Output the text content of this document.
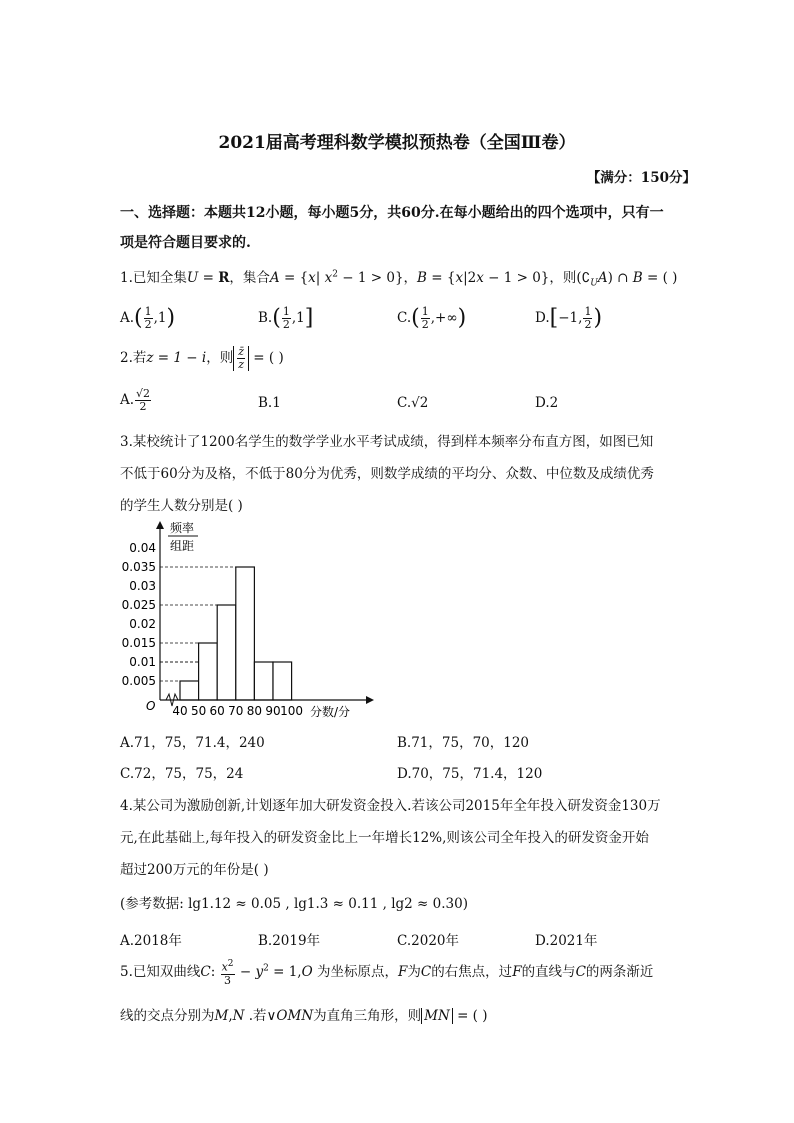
2021届高考理科数学模拟预热卷（全国Ⅲ卷）
【满分：150分】
一、选择题：本题共12小题，每小题5分，共60分.在每小题给出的四个选项中，只有一
项是符合题目要求的.
1.已知全集U = R，集合A = {x| $x^2 - 1 > 0$}，B = {x|2x − 1 > 0}，则$(∁_UA)$ ∩ B = ( )
$A.( \frac{1}{2} ,1)$	$B.( \frac{1}{2} ,1]$	$C.( \frac{1}{2}$ ,+∞)	D.[−1, $\frac{1}{2}$ )
2.若z = 1 − i，则 $\frac{z̄}{z}$ = ( )
A. $\frac{√2}{2}$	B.1	C.√2	D.2
3.某校统计了1200名学生的数学学业水平考试成绩，得到样本频率分布直方图，如图已知
不低于60分为及格，不低于80分为优秀，则数学成绩的平均分、众数、中位数及成绩优秀
的学生人数分别是( )
0.005
0.01
0.015
0.02
0.025
0.03
0.035
0.04
40 50 60 70 80 90 100
频率
组距
O	分数/分
A.71，75，71.4，240	B.71，75，70，120
C.72，75，75，24	D.70，75，71.4，120
4.某公司为激励创新,计划逐年加大研发资金投入.若该公司2015年全年投入研发资金130万
元,在此基础上,每年投入的研发资金比上一年增长12%,则该公司全年投入的研发资金开始
超过200万元的年份是( )
(参考数据: lg1.12 ≈ 0.05 , lg1.3 ≈ 0.11 , lg2 ≈ 0.30)
A.2018年	B.2019年	C.2020年	D.2021年
5.已知双曲线C: $\frac{x^2}{3} - y^2 = 1,O$ 为坐标原点，F为C的右焦点，过F的直线与C的两条渐近
线的交点分别为M,N .若∨OMN为直角三角形，则 MN = ( )
